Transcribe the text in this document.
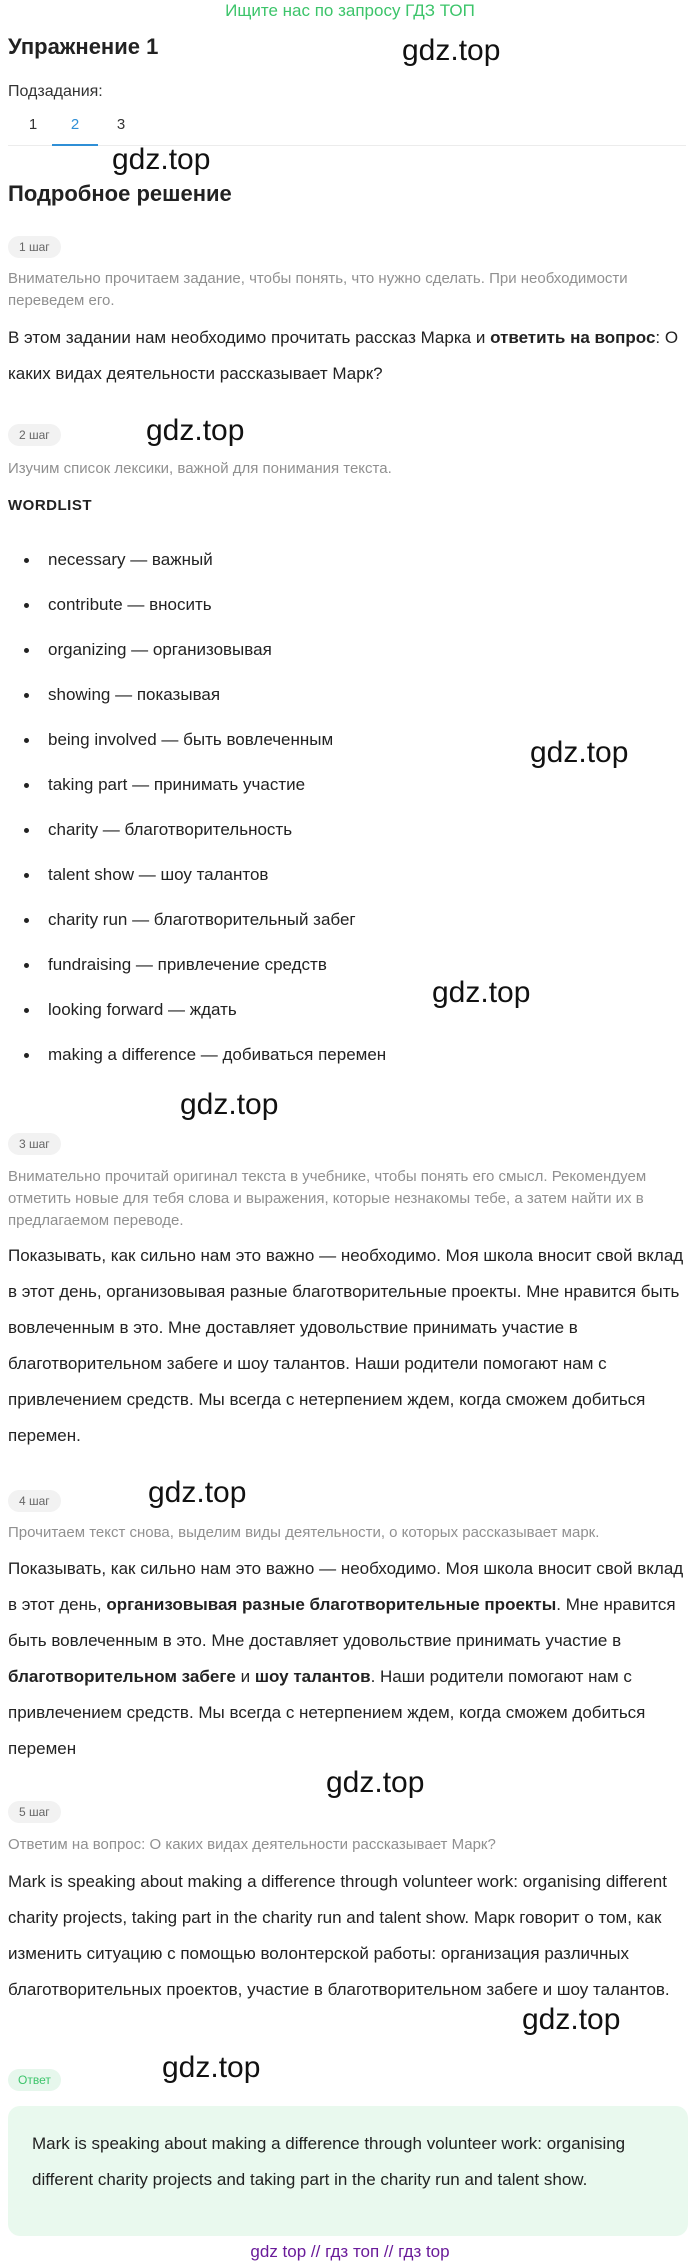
Ищите нас по запросу ГДЗ ТОП
Упражнение 1	gdz.top
Подзадания:
1	2	3
gdz.top
Подробное решение
1 шаг
Внимательно прочитаем задание, чтобы понять, что нужно сделать. При необходимости переведем его.
В этом задании нам необходимо прочитать рассказ Марка и ответить на вопрос: О каких видах деятельности рассказывает Марк?
2 шаг	gdz.top
Изучим список лексики, важной для понимания текста.
WORDLIST
necessary — важный
contribute — вносить
organizing — организовывая
showing — показывая
being involved — быть вовлеченным	gdz.top
taking part — принимать участие
charity — благотворительность
talent show — шоу талантов
charity run — благотворительный забег
fundraising — привлечение средств
looking forward — ждать
gdz.top
making a difference — добиваться перемен
gdz.top
3 шаг
Внимательно прочитай оригинал текста в учебнике, чтобы понять его смысл. Рекомендуем отметить новые для тебя слова и выражения, которые незнакомы тебе, а затем найти их в предлагаемом переводе.
Показывать, как сильно нам это важно — необходимо. Моя школа вносит свой вклад в этот день, организовывая разные благотворительные проекты. Мне нравится быть вовлеченным в это. Мне доставляет удовольствие принимать участие в благотворительном забеге и шоу талантов. Наши родители помогают нам с привлечением средств. Мы всегда с нетерпением ждем, когда сможем добиться перемен.
4 шаг	gdz.top
Прочитаем текст снова, выделим виды деятельности, о которых рассказывает марк.
Показывать, как сильно нам это важно — необходимо. Моя школа вносит свой вклад в этот день, организовывая разные благотворительные проекты. Мне нравится быть вовлеченным в это. Мне доставляет удовольствие принимать участие в благотворительном забеге и шоу талантов. Наши родители помогают нам с привлечением средств. Мы всегда с нетерпением ждем, когда сможем добиться перемен
gdz.top
5 шаг
Ответим на вопрос: О каких видах деятельности рассказывает Марк?
Mark is speaking about making a difference through volunteer work: organising different charity projects, taking part in the charity run and talent show. Марк говорит о том, как изменить ситуацию с помощью волонтерской работы: организация различных благотворительных проектов, участие в благотворительном забеге и шоу талантов.
gdz.top
Ответ	gdz.top
Mark is speaking about making a difference through volunteer work: organising different charity projects and taking part in the charity run and talent show.
gdz top // гдз топ // гдз top
